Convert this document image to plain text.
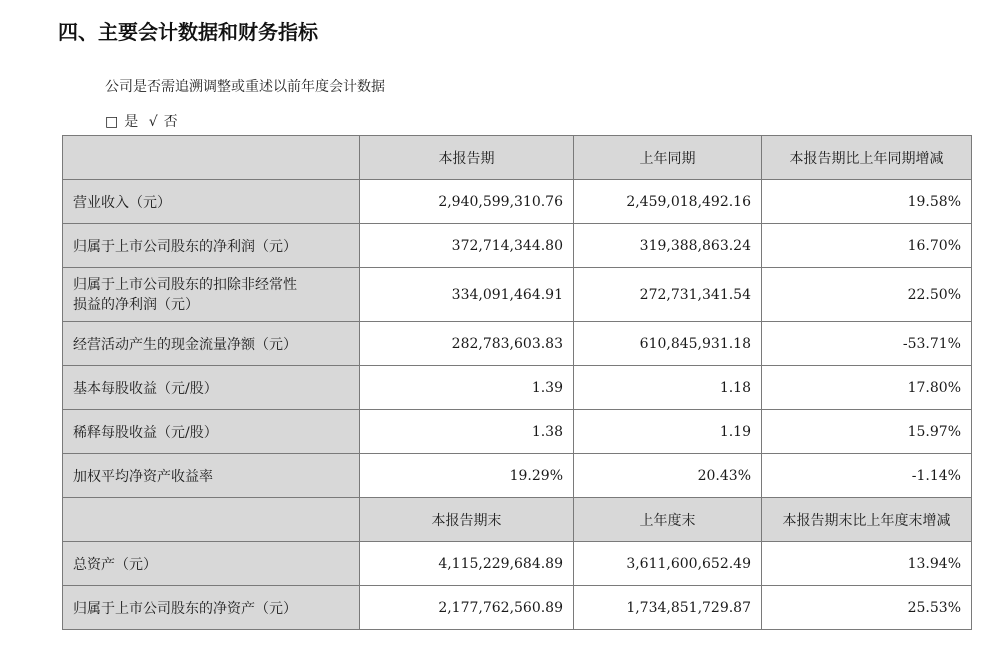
四、主要会计数据和财务指标
公司是否需追溯调整或重述以前年度会计数据
□ 是 √ 否
	本报告期	上年同期	本报告期比上年同期增减
营业收入（元）	2,940,599,310.76	2,459,018,492.16	19.58%
归属于上市公司股东的净利润（元）	372,714,344.80	319,388,863.24	16.70%

归属于上市公司股东的扣除非经常性
损益的净利润（元）	334,091,464.91	272,731,341.54	22.50%
经营活动产生的现金流量净额（元）	282,783,603.83	610,845,931.18	-53.71%
基本每股收益（元/股）	1.39	1.18	17.80%
稀释每股收益（元/股）	1.38	1.19	15.97%
加权平均净资产收益率	19.29%	20.43%	-1.14%
	本报告期末	上年度末	本报告期末比上年度末增减
总资产（元）	4,115,229,684.89	3,611,600,652.49	13.94%
归属于上市公司股东的净资产（元）	2,177,762,560.89	1,734,851,729.87	25.53%
